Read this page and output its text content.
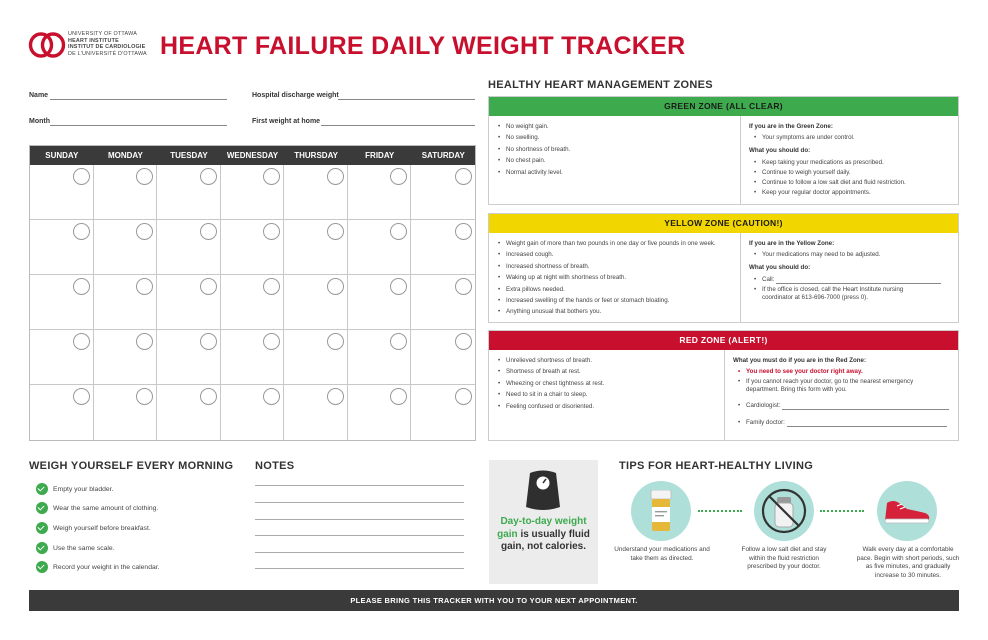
UNIVERSITY OF OTTAWA
HEART INSTITUTE
INSTITUT DE CARDIOLOGIE
DE L'UNIVERSITÉ D'OTTAWA HEART FAILURE DAILY WEIGHT TRACKER
Name
Month
Hospital discharge weight
First weight at home
SUNDAY	MONDAY	TUESDAY	WEDNESDAY	THURSDAY	FRIDAY	SATURDAY
HEALTHY HEART MANAGEMENT ZONES
GREEN ZONE (ALL CLEAR)
• No weight gain.
• No swelling.
• No shortness of breath.
• No chest pain.
• Normal activity level.
If you are in the Green Zone:
• Your symptoms are under control.
What you should do:
• Keep taking your medications as prescribed.
• Continue to weigh yourself daily.
• Continue to follow a low salt diet and fluid restriction.
• Keep your regular doctor appointments.
YELLOW ZONE (CAUTION!)
• Weight gain of more than two pounds in one day or five pounds in one week.
• Increased cough.
• Increased shortness of breath.
• Waking up at night with shortness of breath.
• Extra pillows needed.
• Increased swelling of the hands or feet or stomach bloating.
• Anything unusual that bothers you.
If you are in the Yellow Zone:
• Your medications may need to be adjusted.
What you should do:
• Call:
• If the office is closed, call the Heart Institute nursing
coordinator at 613-696-7000 (press 0).
RED ZONE (ALERT!)
• Unrelieved shortness of breath.
• Shortness of breath at rest.
• Wheezing or chest tightness at rest.
• Need to sit in a chair to sleep.
• Feeling confused or disoriented.
What you must do if you are in the Red Zone:
• You need to see your doctor right away.
• If you cannot reach your doctor, go to the nearest emergency
department. Bring this form with you.
• Cardiologist:
• Family doctor:
WEIGH YOURSELF EVERY MORNING
Empty your bladder.
Wear the same amount of clothing.
Weigh yourself before breakfast.
Use the same scale.
Record your weight in the calendar.
NOTES
Day-to-day weight gain is usually fluid gain, not calories.
TIPS FOR HEART-HEALTHY LIVING
Understand your medications and take them as directed.
Follow a low salt diet and stay within the fluid restriction prescribed by your doctor.
Walk every day at a comfortable pace. Begin with short periods, such as five minutes, and gradually increase to 30 minutes.
PLEASE BRING THIS TRACKER WITH YOU TO YOUR NEXT APPOINTMENT.
